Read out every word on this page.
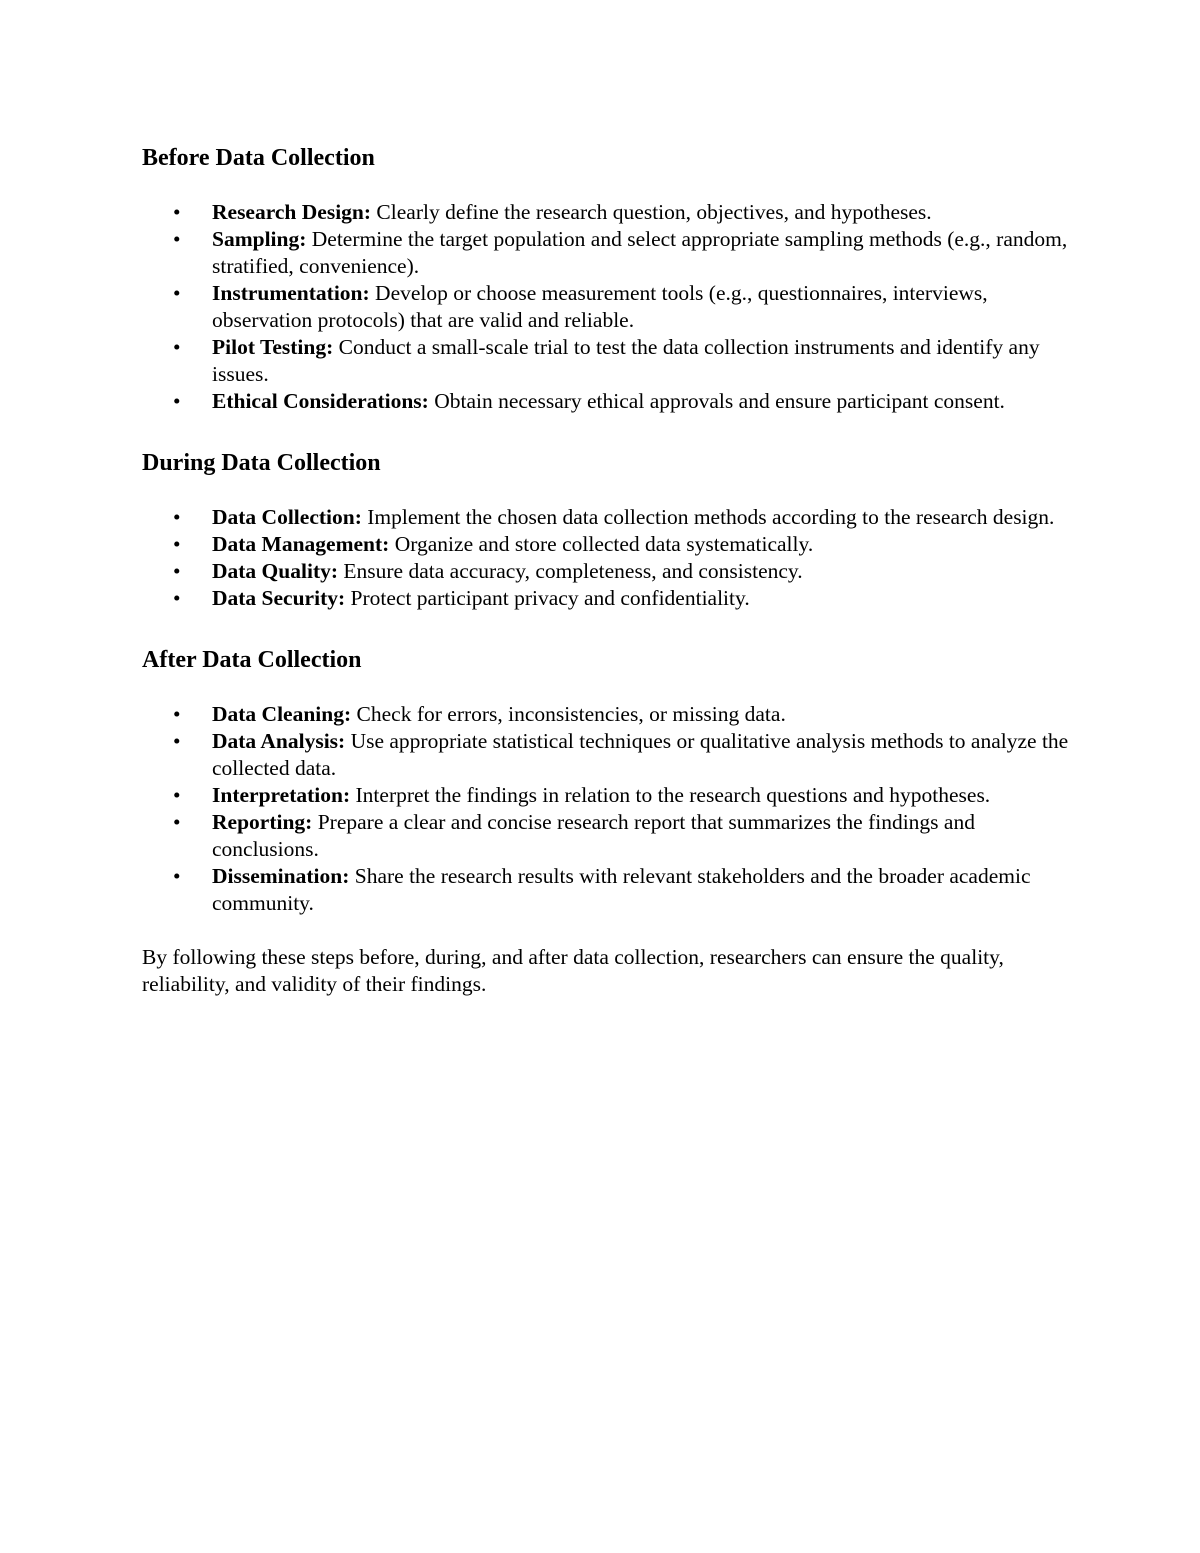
Before Data Collection
• Research Design: Clearly define the research question, objectives, and hypotheses.
• Sampling: Determine the target population and select appropriate sampling methods (e.g., random, stratified, convenience).
• Instrumentation: Develop or choose measurement tools (e.g., questionnaires, interviews, observation protocols) that are valid and reliable.
• Pilot Testing: Conduct a small-scale trial to test the data collection instruments and identify any issues.
• Ethical Considerations: Obtain necessary ethical approvals and ensure participant consent.
During Data Collection
• Data Collection: Implement the chosen data collection methods according to the research design.
• Data Management: Organize and store collected data systematically.
• Data Quality: Ensure data accuracy, completeness, and consistency.
• Data Security: Protect participant privacy and confidentiality.
After Data Collection
• Data Cleaning: Check for errors, inconsistencies, or missing data.
• Data Analysis: Use appropriate statistical techniques or qualitative analysis methods to analyze the collected data.
• Interpretation: Interpret the findings in relation to the research questions and hypotheses.
• Reporting: Prepare a clear and concise research report that summarizes the findings and conclusions.
• Dissemination: Share the research results with relevant stakeholders and the broader academic community.

By following these steps before, during, and after data collection, researchers can ensure the quality, reliability, and validity of their findings.
